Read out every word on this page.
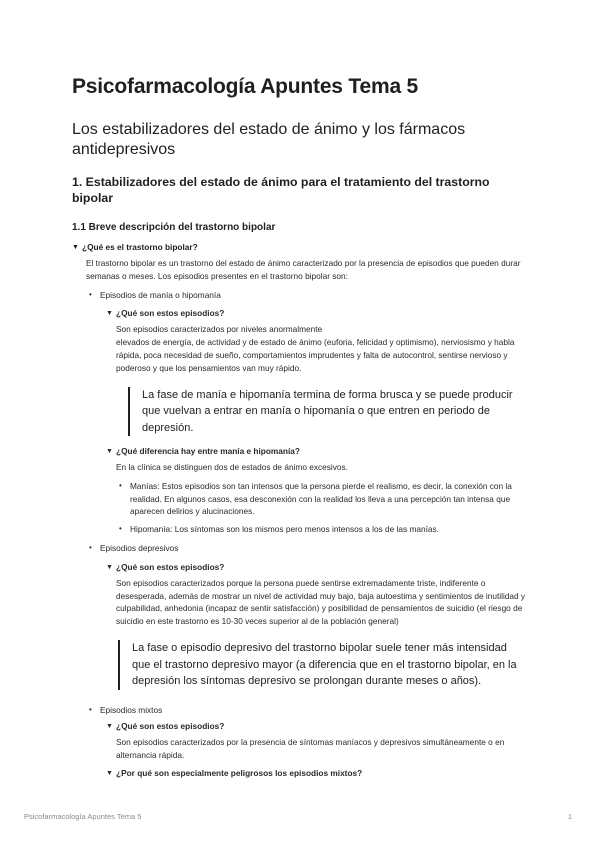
Psicofarmacología Apuntes Tema 5
Los estabilizadores del estado de ánimo y los fármacos antidepresivos
1. Estabilizadores del estado de ánimo para el tratamiento del trastorno bipolar
1.1 Breve descripción del trastorno bipolar
▼ ¿Qué es el trastorno bipolar?

El trastorno bipolar es un trastorno del estado de ánimo caracterizado por la presencia de episodios que pueden durar semanas o meses. Los episodios presentes en el trastorno bipolar son:

• Episodios de manía o hipomanía
▼ ¿Qué son estos episodios?

Son episodios caracterizados por niveles anormalmente

elevados de energía, de actividad y de estado de ánimo (euforia, felicidad y optimismo), nerviosismo y habla rápida, poca necesidad de sueño, comportamientos imprudentes y falta de autocontrol, sentirse nervioso y poderoso y que los pensamientos van muy rápido.

La fase de manía e hipomanía termina de forma brusca y se puede producir que vuelvan a entrar en manía o hipomanía o que entren en periodo de depresión.
▼ ¿Qué diferencia hay entre manía e hipomanía?

En la clínica se distinguen dos de estados de ánimo excesivos.

• Manías: Estos episodios son tan intensos que la persona pierde el realismo, es decir, la conexión con la realidad. En algunos casos, esa desconexión con la realidad los lleva a una percepción tan intensa que aparecen delirios y alucinaciones.
• Hipomanía: Los síntomas son los mismos pero menos intensos a los de las manías.
• Episodios depresivos
▼ ¿Qué son estos episodios?

Son episodios caracterizados porque la persona puede sentirse extremadamente triste, indiferente o desesperada, además de mostrar un nivel de actividad muy bajo, baja autoestima y sentimientos de inutilidad y culpabilidad, anhedonia (incapaz de sentir satisfacción) y posibilidad de pensamientos de suicidio (el riesgo de suicidio en este trastorno es 10-30 veces superior al de la población general)

La fase o episodio depresivo del trastorno bipolar suele tener más intensidad que el trastorno depresivo mayor (a diferencia que en el trastorno bipolar, en la depresión los síntomas depresivo se prolongan durante meses o años).
• Episodios mixtos
▼ ¿Qué son estos episodios?

Son episodios caracterizados por la presencia de síntomas maníacos y depresivos simultáneamente o en alternancia rápida.

▼ ¿Por qué son especialmente peligrosos los episodios mixtos?
Psicofarmacología Apuntes Tema 5	1
